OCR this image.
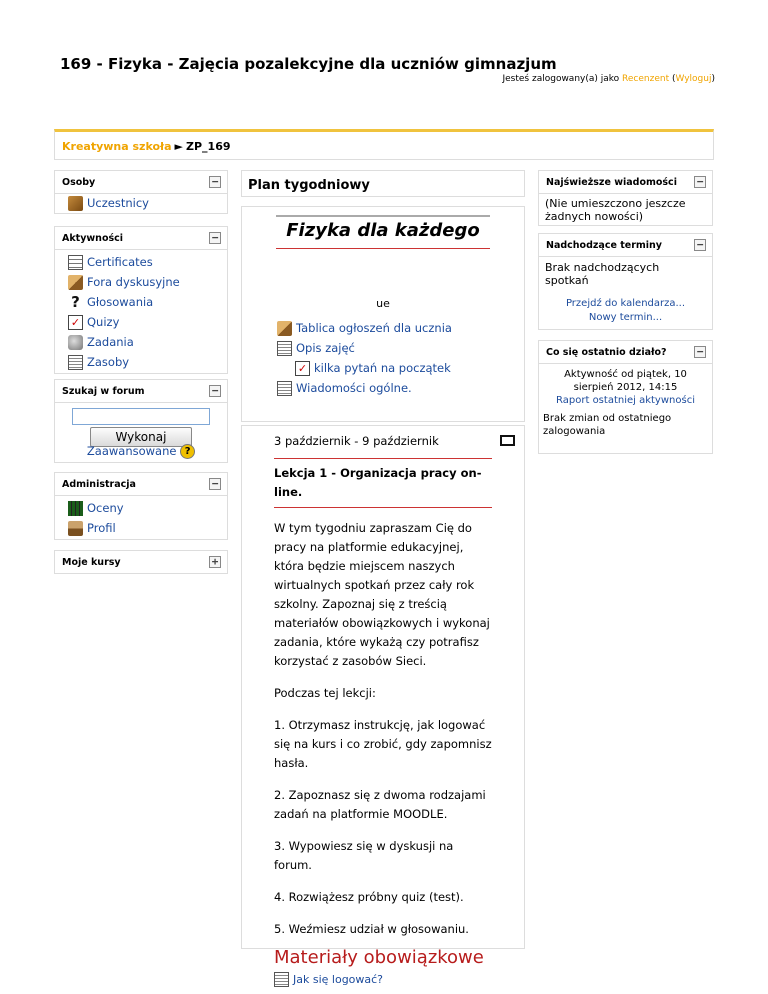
169 - Fizyka - Zajęcia pozalekcyjne dla uczniów gimnazjum
Jesteś zalogowany(a) jako Recenzent (Wyloguj)
Kreatywna szkoła ► ZP_169
Osoby	−
Uczestnicy
Aktywności	−
Certificates
Fora dyskusyjne
? Głosowania
✓ Quizy
Zadania
Zasoby
Szukaj w forum	−
Wykonaj
Zaawansowane ?
Administracja	−
Oceny
Profil
Moje kursy	+
Plan tygodniowy
Fizyka dla każdego
ue
Tablica ogłoszeń dla ucznia
Opis zajęć
✓ kilka pytań na początek
Wiadomości ogólne.
3 październik - 9 październik
Lekcja 1 - Organizacja pracy on-line.
W tym tygodniu zapraszam Cię do pracy na platformie edukacyjnej, która będzie miejscem naszych wirtualnych spotkań przez cały rok szkolny. Zapoznaj się z treścią materiałów obowiązkowych i wykonaj zadania, które wykażą czy potrafisz korzystać z zasobów Sieci.
Podczas tej lekcji:
1. Otrzymasz instrukcję, jak logować się na kurs i co zrobić, gdy zapomnisz hasła.
2. Zapoznasz się z dwoma rodzajami zadań na platformie MOODLE.
3. Wypowiesz się w dyskusji na forum.
4. Rozwiążesz próbny quiz (test).
5. Weźmiesz udział w głosowaniu.
Materiały obowiązkowe
Jak się logować?
Najświeższe wiadomości −
(Nie umieszczono jeszcze żadnych nowości)
Nadchodzące terminy	−
Brak nadchodzących spotkań
Przejdź do kalendarza...
Nowy termin...
Co się ostatnio działo?	−
Aktywność od piątek, 10 sierpień 2012, 14:15
Raport ostatniej aktywności
Brak zmian od ostatniego zalogowania
